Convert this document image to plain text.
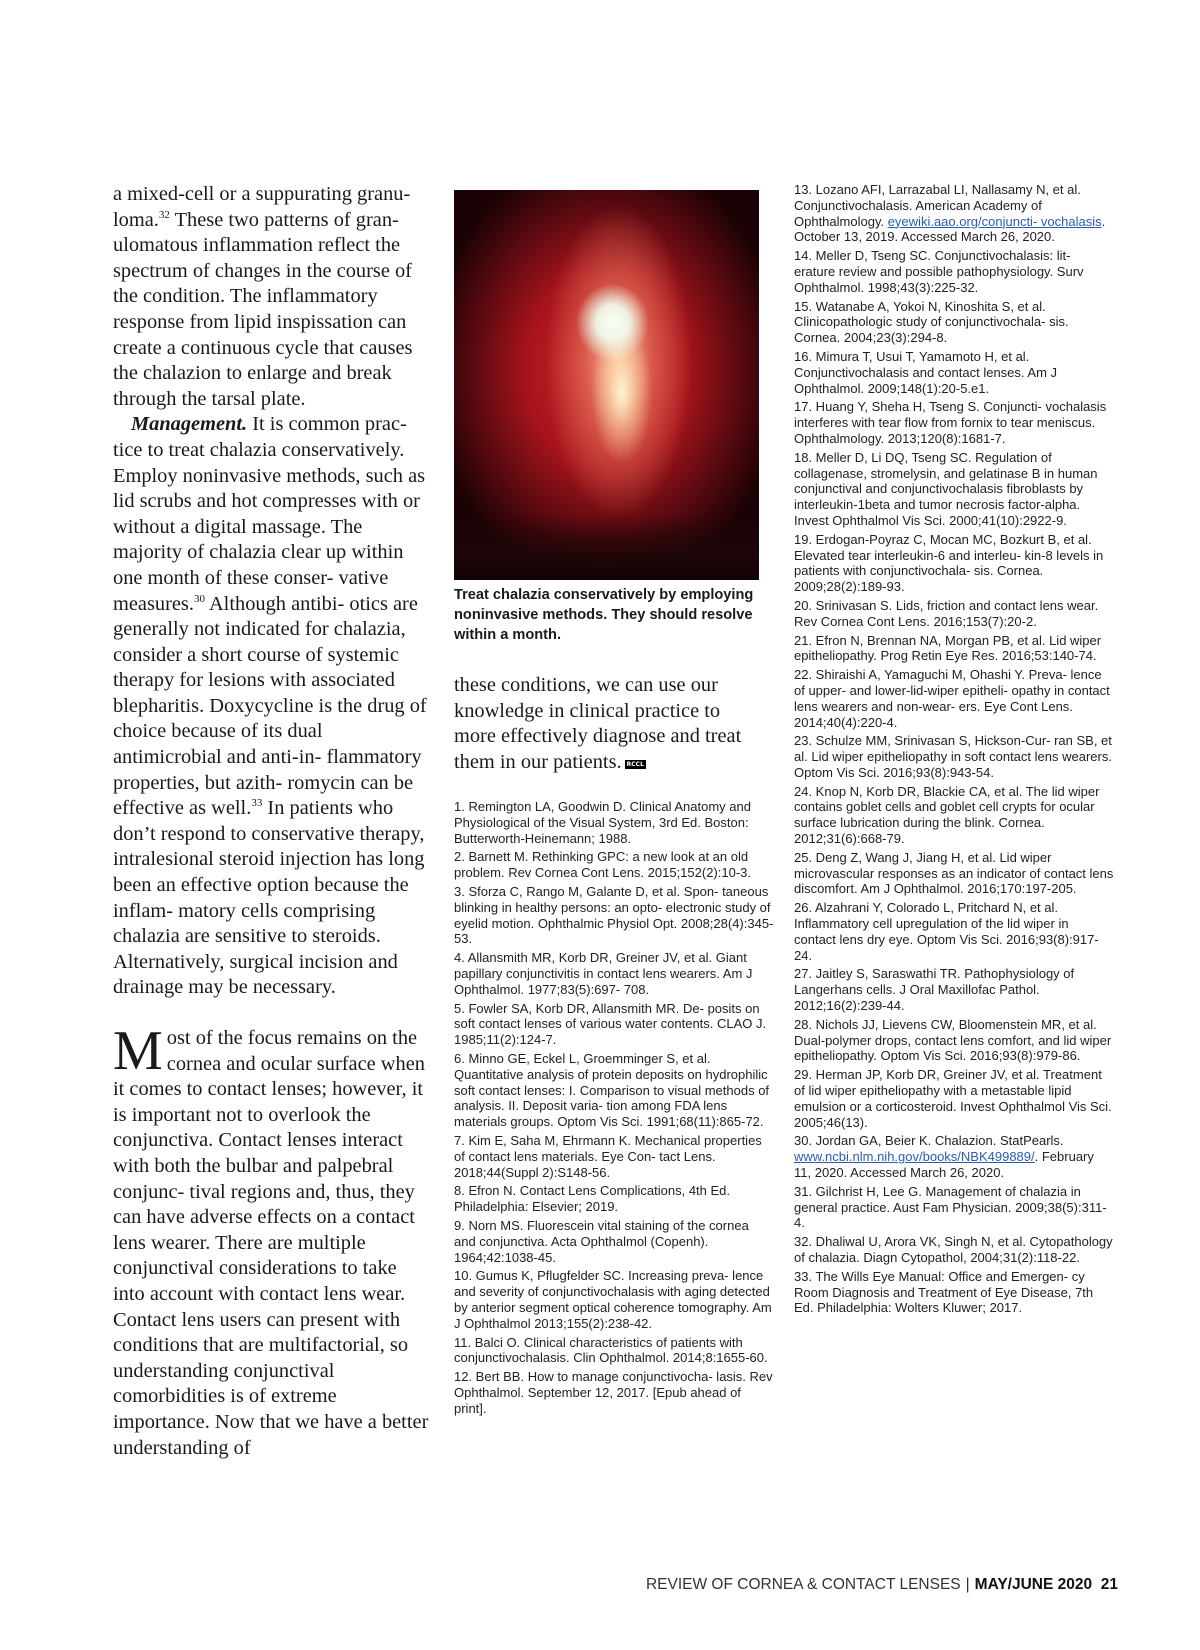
a mixed-cell or a suppurating granu- loma.$^{32}$ These two patterns of gran- ulomatous inflammation reflect the spectrum of changes in the course of the condition. The inflammatory response from lipid inspissation can create a continuous cycle that causes the chalazion to enlarge and break through the tarsal plate.

Management. It is common prac- tice to treat chalazia conservatively. Employ noninvasive methods, such as lid scrubs and hot compresses with or without a digital massage. The majority of chalazia clear up within one month of these conser- vative measures.$^{30}$ Although antibi- otics are generally not indicated for chalazia, consider a short course of systemic therapy for lesions with associated blepharitis. Doxycycline is the drug of choice because of its dual antimicrobial and anti-in- flammatory properties, but azith- romycin can be effective as well.$^{33}$ In patients who don’t respond to conservative therapy, intralesional steroid injection has long been an effective option because the inflam- matory cells comprising chalazia are sensitive to steroids. Alternatively, surgical incision and drainage may be necessary.

Most of the focus remains on the cornea and ocular surface when it comes to contact lenses; however, it is important not to overlook the conjunctiva. Contact lenses interact with both the bulbar and palpebral conjunc- tival regions and, thus, they can have adverse effects on a contact lens wearer. There are multiple conjunctival considerations to take into account with contact lens wear. Contact lens users can present with conditions that are multifactorial, so understanding conjunctival comorbidities is of extreme importance. Now that we have a better understanding of

Treat chalazia conservatively by employing noninvasive methods. They should resolve within a month.

these conditions, we can use our knowledge in clinical practice to more effectively diagnose and treat them in our patients. RCCL

1. Remington LA, Goodwin D. Clinical Anatomy and Physiological of the Visual System, 3rd Ed. Boston: Butterworth-Heinemann; 1988.

2. Barnett M. Rethinking GPC: a new look at an old problem. Rev Cornea Cont Lens. 2015;152(2):10-3.

3. Sforza C, Rango M, Galante D, et al. Spon- taneous blinking in healthy persons: an opto- electronic study of eyelid motion. Ophthalmic Physiol Opt. 2008;28(4):345-53.

4. Allansmith MR, Korb DR, Greiner JV, et al. Giant papillary conjunctivitis in contact lens wearers. Am J Ophthalmol. 1977;83(5):697- 708.

5. Fowler SA, Korb DR, Allansmith MR. De- posits on soft contact lenses of various water contents. CLAO J. 1985;11(2):124-7.

6. Minno GE, Eckel L, Groemminger S, et al. Quantitative analysis of protein deposits on hydrophilic soft contact lenses: I. Comparison to visual methods of analysis. II. Deposit varia- tion among FDA lens materials groups. Optom Vis Sci. 1991;68(11):865-72.

7. Kim E, Saha M, Ehrmann K. Mechanical properties of contact lens materials. Eye Con- tact Lens. 2018;44(Suppl 2):S148-56.

8. Efron N. Contact Lens Complications, 4th Ed. Philadelphia: Elsevier; 2019.

9. Norn MS. Fluorescein vital staining of the cornea and conjunctiva. Acta Ophthalmol (Copenh). 1964;42:1038-45.

10. Gumus K, Pflugfelder SC. Increasing preva- lence and severity of conjunctivochalasis with aging detected by anterior segment optical coherence tomography. Am J Ophthalmol 2013;155(2):238-42.

11. Balci O. Clinical characteristics of patients with conjunctivochalasis. Clin Ophthalmol. 2014;8:1655-60.

12. Bert BB. How to manage conjunctivocha- lasis. Rev Ophthalmol. September 12, 2017. [Epub ahead of print].

13. Lozano AFI, Larrazabal LI, Nallasamy N, et al. Conjunctivochalasis. American Academy of Ophthalmology. eyewiki.aao.org/conjuncti- vochalasis. October 13, 2019. Accessed March 26, 2020.

14. Meller D, Tseng SC. Conjunctivochalasis: lit- erature review and possible pathophysiology. Surv Ophthalmol. 1998;43(3):225-32.

15. Watanabe A, Yokoi N, Kinoshita S, et al. Clinicopathologic study of conjunctivochala- sis. Cornea. 2004;23(3):294-8.

16. Mimura T, Usui T, Yamamoto H, et al. Conjunctivochalasis and contact lenses. Am J Ophthalmol. 2009;148(1):20-5.e1.

17. Huang Y, Sheha H, Tseng S. Conjuncti- vochalasis interferes with tear flow from fornix to tear meniscus. Ophthalmology. 2013;120(8):1681-7.

18. Meller D, Li DQ, Tseng SC. Regulation of collagenase, stromelysin, and gelatinase B in human conjunctival and conjunctivochalasis fibroblasts by interleukin-1beta and tumor necrosis factor-alpha. Invest Ophthalmol Vis Sci. 2000;41(10):2922-9.

19. Erdogan-Poyraz C, Mocan MC, Bozkurt B, et al. Elevated tear interleukin-6 and interleu- kin-8 levels in patients with conjunctivochala- sis. Cornea. 2009;28(2):189-93.

20. Srinivasan S. Lids, friction and contact lens wear. Rev Cornea Cont Lens. 2016;153(7):20-2.

21. Efron N, Brennan NA, Morgan PB, et al. Lid wiper epitheliopathy. Prog Retin Eye Res. 2016;53:140-74.

22. Shiraishi A, Yamaguchi M, Ohashi Y. Preva- lence of upper- and lower-lid-wiper epitheli- opathy in contact lens wearers and non-wear- ers. Eye Cont Lens. 2014;40(4):220-4.

23. Schulze MM, Srinivasan S, Hickson-Cur- ran SB, et al. Lid wiper epitheliopathy in soft contact lens wearers. Optom Vis Sci. 2016;93(8):943-54.

24. Knop N, Korb DR, Blackie CA, et al. The lid wiper contains goblet cells and goblet cell crypts for ocular surface lubrication during the blink. Cornea. 2012;31(6):668-79.

25. Deng Z, Wang J, Jiang H, et al. Lid wiper microvascular responses as an indicator of contact lens discomfort. Am J Ophthalmol. 2016;170:197-205.

26. Alzahrani Y, Colorado L, Pritchard N, et al. Inflammatory cell upregulation of the lid wiper in contact lens dry eye. Optom Vis Sci. 2016;93(8):917-24.

27. Jaitley S, Saraswathi TR. Pathophysiology of Langerhans cells. J Oral Maxillofac Pathol. 2012;16(2):239-44.

28. Nichols JJ, Lievens CW, Bloomenstein MR, et al. Dual-polymer drops, contact lens comfort, and lid wiper epitheliopathy. Optom Vis Sci. 2016;93(8):979-86.

29. Herman JP, Korb DR, Greiner JV, et al. Treatment of lid wiper epitheliopathy with a metastable lipid emulsion or a corticosteroid. Invest Ophthalmol Vis Sci. 2005;46(13).

30. Jordan GA, Beier K. Chalazion. StatPearls. www.ncbi.nlm.nih.gov/books/NBK499889/. February 11, 2020. Accessed March 26, 2020.

31. Gilchrist H, Lee G. Management of chalazia in general practice. Aust Fam Physician. 2009;38(5):311-4.

32. Dhaliwal U, Arora VK, Singh N, et al. Cytopathology of chalazia. Diagn Cytopathol, 2004;31(2):118-22.

33. The Wills Eye Manual: Office and Emergen- cy Room Diagnosis and Treatment of Eye Disease, 7th Ed. Philadelphia: Wolters Kluwer; 2017.

REVIEW OF CORNEA & CONTACT LENSES | MAY/JUNE 2020 21
